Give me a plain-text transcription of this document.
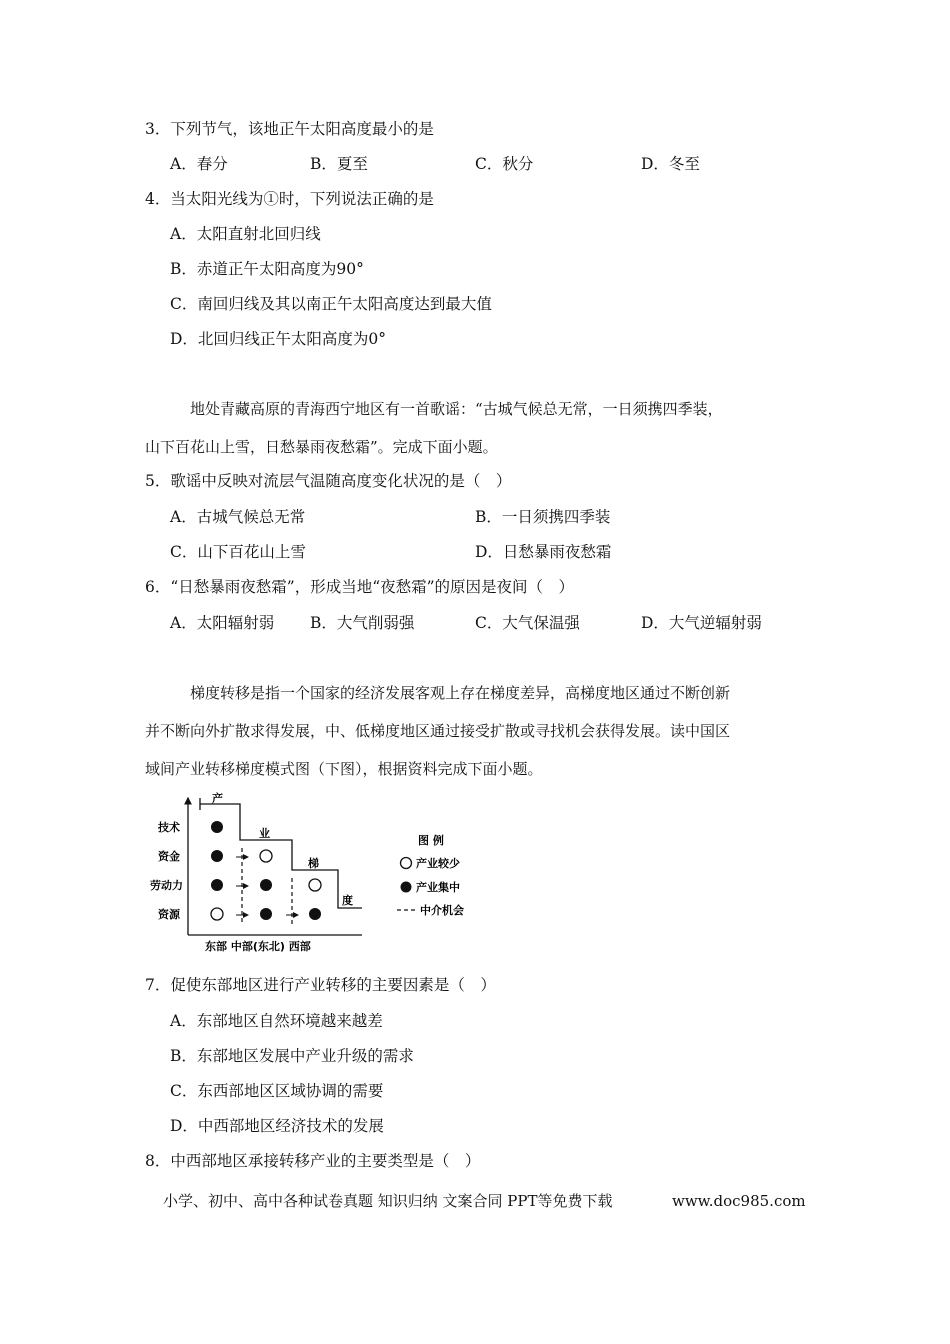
3．下列节气，该地正午太阳高度最小的是
A．春分	B．夏至	C．秋分	D．冬至
4．当太阳光线为①时，下列说法正确的是
A．太阳直射北回归线
B．赤道正午太阳高度为90°
C．南回归线及其以南正午太阳高度达到最大值
D．北回归线正午太阳高度为0°
地处青藏高原的青海西宁地区有一首歌谣：“古城气候总无常，一日须携四季装，
山下百花山上雪，日愁暴雨夜愁霜”。完成下面小题。
5．歌谣中反映对流层气温随高度变化状况的是（　）
A．古城气候总无常	B．一日须携四季装
C．山下百花山上雪	D．日愁暴雨夜愁霜
6．“日愁暴雨夜愁霜”，形成当地“夜愁霜”的原因是夜间（　）
A．太阳辐射弱 B．大气削弱强	C．大气保温强	D．大气逆辐射弱
梯度转移是指一个国家的经济发展客观上存在梯度差异，高梯度地区通过不断创新
并不断向外扩散求得发展，中、低梯度地区通过接受扩散或寻找机会获得发展。读中国区
域间产业转移梯度模式图（下图），根据资料完成下面小题。
技术
资金
劳动力
资源
产
业
梯
度
东部 中部(东北) 西部
图 例
产业较少
产业集中
中介机会
7．促使东部地区进行产业转移的主要因素是（　）
A．东部地区自然环境越来越差
B．东部地区发展中产业升级的需求
C．东西部地区区域协调的需要
D．中西部地区经济技术的发展
8．中西部地区承接转移产业的主要类型是（　）
小学、初中、高中各种试卷真题 知识归纳 文案合同 PPT等免费下载	www.doc985.com
